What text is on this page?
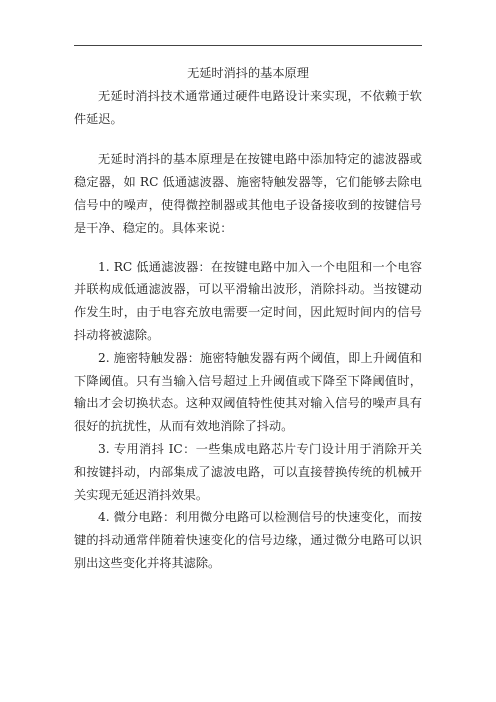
无延时消抖的基本原理

无延时消抖技术通常通过硬件电路设计来实现，不依赖于软件延迟。

无延时消抖的基本原理是在按键电路中添加特定的滤波器或稳定器，如 RC 低通滤波器、施密特触发器等，它们能够去除电信号中的噪声，使得微控制器或其他电子设备接收到的按键信号是干净、稳定的。具体来说：

1. RC 低通滤波器：在按键电路中加入一个电阻和一个电容并联构成低通滤波器，可以平滑输出波形，消除抖动。当按键动作发生时，由于电容充放电需要一定时间，因此短时间内的信号抖动将被滤除。

2. 施密特触发器：施密特触发器有两个阈值，即上升阈值和下降阈值。只有当输入信号超过上升阈值或下降至下降阈值时，输出才会切换状态。这种双阈值特性使其对输入信号的噪声具有很好的抗扰性，从而有效地消除了抖动。

3. 专用消抖 IC：一些集成电路芯片专门设计用于消除开关和按键抖动，内部集成了滤波电路，可以直接替换传统的机械开关实现无延迟消抖效果。

4. 微分电路：利用微分电路可以检测信号的快速变化，而按键的抖动通常伴随着快速变化的信号边缘，通过微分电路可以识别出这些变化并将其滤除。
